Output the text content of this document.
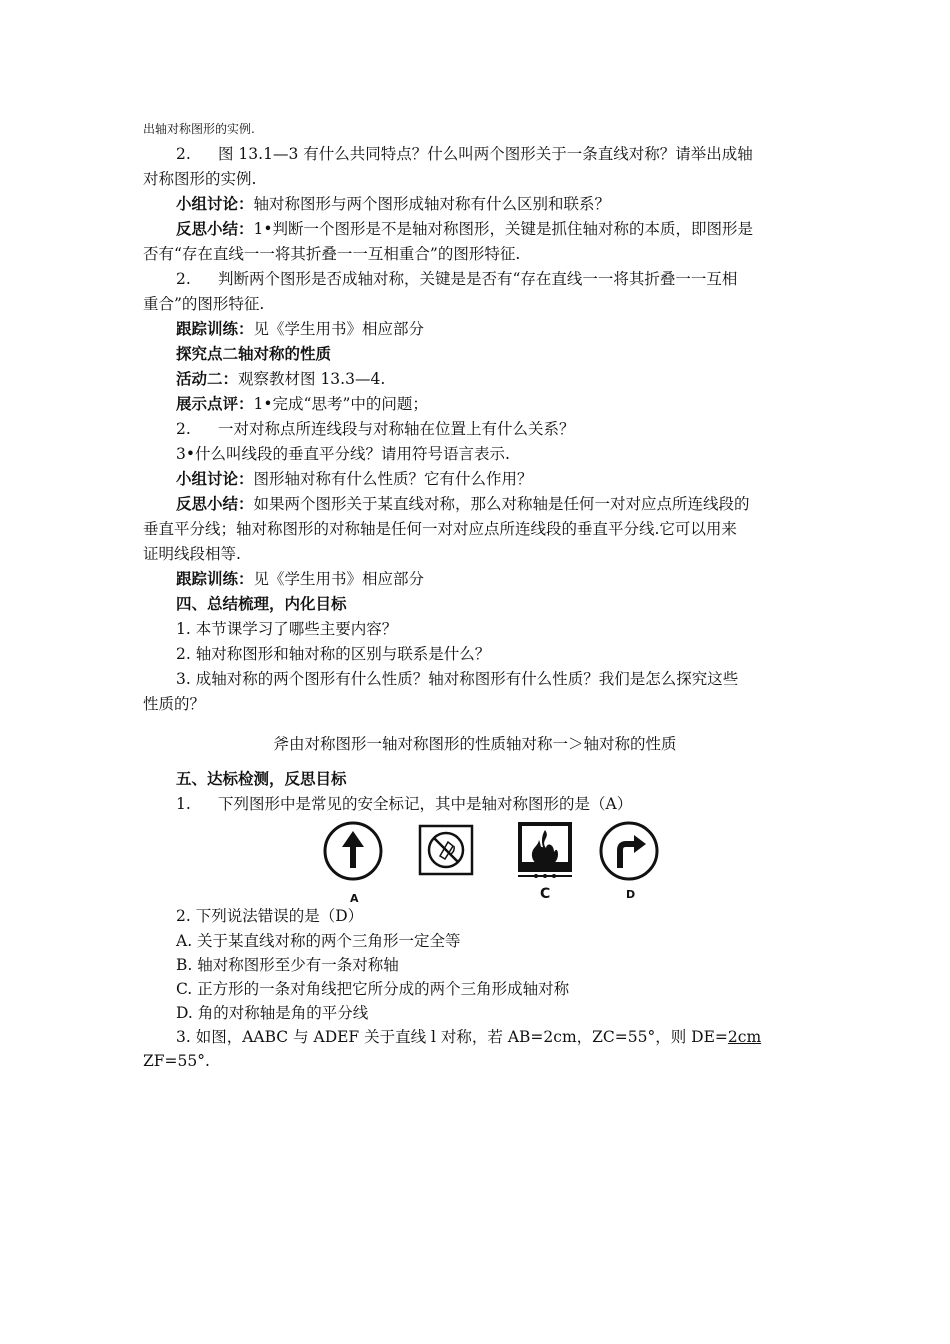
出轴对称图形的实例.
2. 图 13.1—3 有什么共同特点？什么叫两个图形关于一条直线对称？请举出成轴
对称图形的实例.
小组讨论：轴对称图形与两个图形成轴对称有什么区别和联系？
反思小结：1•判断一个图形是不是轴对称图形，关键是抓住轴对称的本质，即图形是
否有“存在直线一一将其折叠一一互相重合”的图形特征.
2. 判断两个图形是否成轴对称，关键是是否有“存在直线一一将其折叠一一互相
重合”的图形特征.
跟踪训练：见《学生用书》相应部分
探究点二轴对称的性质
活动二：观察教材图 13.3—4.
展示点评：1•完成“思考”中的问题；
2. 一对对称点所连线段与对称轴在位置上有什么关系？
3•什么叫线段的垂直平分线？请用符号语言表示.
小组讨论：图形轴对称有什么性质？它有什么作用？
反思小结：如果两个图形关于某直线对称，那么对称轴是任何一对对应点所连线段的
垂直平分线；轴对称图形的对称轴是任何一对对应点所连线段的垂直平分线.它可以用来
证明线段相等.
跟踪训练：见《学生用书》相应部分
四、总结梳理，内化目标
1. 本节课学习了哪些主要内容？
2. 轴对称图形和轴对称的区别与联系是什么？
3. 成轴对称的两个图形有什么性质？轴对称图形有什么性质？我们是怎么探究这些
性质的？
斧由对称图形一轴对称图形的性质轴对称一＞轴对称的性质
五、达标检测，反思目标
1. 下列图形中是常见的安全标记，其中是轴对称图形的是（A）
A	C	D
2. 下列说法错误的是（D）
A. 关于某直线对称的两个三角形一定全等
B. 轴对称图形至少有一条对称轴
C. 正方形的一条对角线把它所分成的两个三角形成轴对称
D. 角的对称轴是角的平分线
3. 如图，AABC 与 ADEF 关于直线 l 对称，若 AB=2cm，ZC=55°，则 DE=2cm
ZF=55°.
